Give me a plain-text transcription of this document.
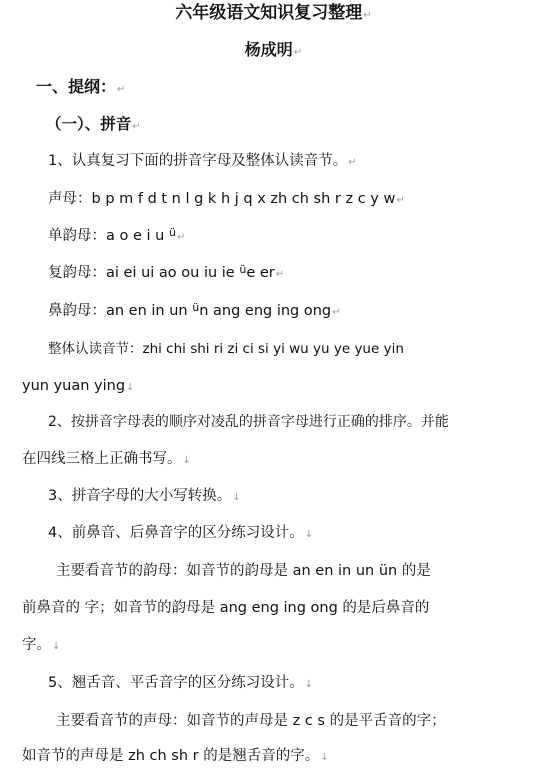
六年级语文知识复习整理↵
杨成明↵
一、提纲：↵
（一）、拼音↵
1、认真复习下面的拼音字母及整体认读音节。↵
声母：b p m f d t n l g k h j q x zh ch sh r z c y w↵
单韵母：a o e i u $^ü$↵
复韵母：ai ei ui ao ou iu ie $^ü$e er↵
鼻韵母：an en in un $^ü$n ang eng ing ong↵
整体认读音节：zhi chi shi ri zi ci si yi wu yu ye yue yin
yun yuan ying↓
2、按拼音字母表的顺序对凌乱的拼音字母进行正确的排序。并能
在四线三格上正确书写。↓
3、拼音字母的大小写转换。↓
4、前鼻音、后鼻音字的区分练习设计。↓
主要看音节的韵母：如音节的韵母是 an en in un ün 的是
前鼻音的 字；如音节的韵母是 ang eng ing ong 的是后鼻音的
字。↓
5、翘舌音、平舌音字的区分练习设计。↓
主要看音节的声母：如音节的声母是 z c s 的是平舌音的字；
如音节的声母是 zh ch sh r 的是翘舌音的字。↓
